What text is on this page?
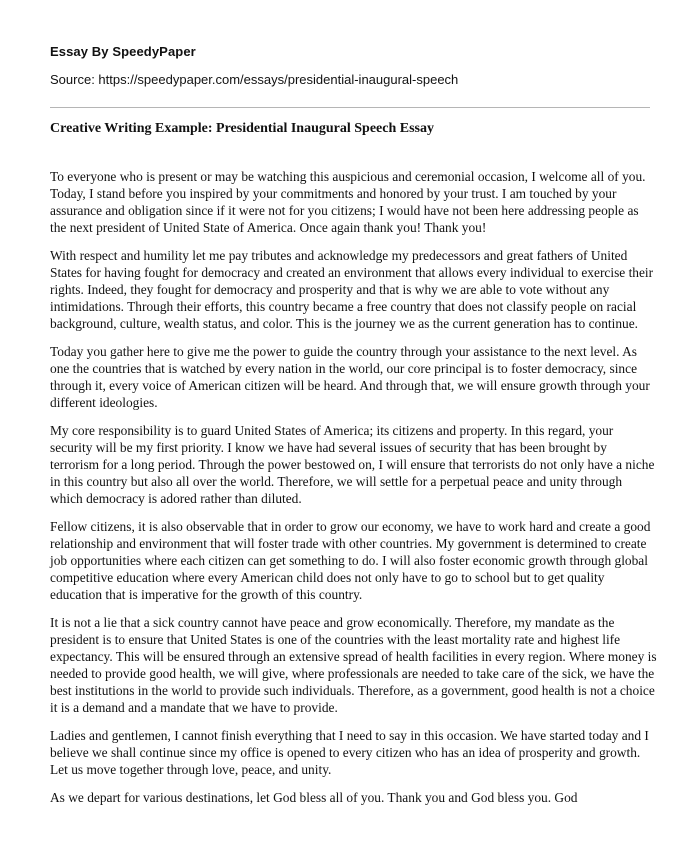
Essay By SpeedyPaper
Source: https://speedypaper.com/essays/presidential-inaugural-speech
Creative Writing Example: Presidential Inaugural Speech Essay

To everyone who is present or may be watching this auspicious and ceremonial occasion, I welcome all of you. Today, I stand before you inspired by your commitments and honored by your trust. I am touched by your assurance and obligation since if it were not for you citizens; I would have not been here addressing people as the next president of United State of America. Once again thank you! Thank you!

With respect and humility let me pay tributes and acknowledge my predecessors and great fathers of United States for having fought for democracy and created an environment that allows every individual to exercise their rights. Indeed, they fought for democracy and prosperity and that is why we are able to vote without any intimidations. Through their efforts, this country became a free country that does not classify people on racial background, culture, wealth status, and color. This is the journey we as the current generation has to continue.

Today you gather here to give me the power to guide the country through your assistance to the next level. As one the countries that is watched by every nation in the world, our core principal is to foster democracy, since through it, every voice of American citizen will be heard. And through that, we will ensure growth through your different ideologies.

My core responsibility is to guard United States of America; its citizens and property. In this regard, your security will be my first priority. I know we have had several issues of security that has been brought by terrorism for a long period. Through the power bestowed on, I will ensure that terrorists do not only have a niche in this country but also all over the world. Therefore, we will settle for a perpetual peace and unity through which democracy is adored rather than diluted.

Fellow citizens, it is also observable that in order to grow our economy, we have to work hard and create a good relationship and environment that will foster trade with other countries. My government is determined to create job opportunities where each citizen can get something to do. I will also foster economic growth through global competitive education where every American child does not only have to go to school but to get quality education that is imperative for the growth of this country.

It is not a lie that a sick country cannot have peace and grow economically. Therefore, my mandate as the president is to ensure that United States is one of the countries with the least mortality rate and highest life expectancy. This will be ensured through an extensive spread of health facilities in every region. Where money is needed to provide good health, we will give, where professionals are needed to take care of the sick, we have the best institutions in the world to provide such individuals. Therefore, as a government, good health is not a choice it is a demand and a mandate that we have to provide.

Ladies and gentlemen, I cannot finish everything that I need to say in this occasion. We have started today and I believe we shall continue since my office is opened to every citizen who has an idea of prosperity and growth. Let us move together through love, peace, and unity.

As we depart for various destinations, let God bless all of you. Thank you and God bless you. God
